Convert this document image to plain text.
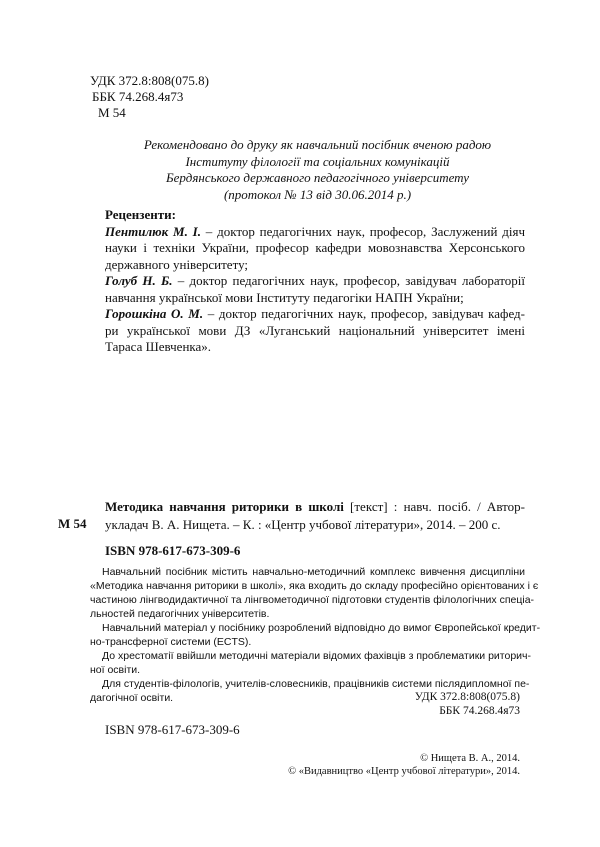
УДК 372.8:808(075.8)
ББК 74.268.4я73
М 54
Рекомендовано до друку як навчальний посібник вченою радою
Інституту філології та соціальних комунікацій
Бердянського державного педагогічного університету
(протокол № 13 від 30.06.2014 р.)
Рецензенти:
Пентилюк М. І. – доктор педагогічних наук, професор, Заслужений діяч
науки і техніки України, професор кафедри мовознавства Херсонського
державного університету;
Голуб Н. Б. – доктор педагогічних наук, професор, завідувач лабораторії
навчання української мови Інституту педагогіки НАПН України;
Горошкіна О. М. – доктор педагогічних наук, професор, завідувач кафед-
ри української мови ДЗ «Луганський національний університет імені
Тараса Шевченка».
М 54
Методика навчання риторики в школі [текст] : навч. посіб. / Автор-
укладач В. А. Нищета. – К. : «Центр учбової літератури», 2014. – 200 с.
ISBN 978-617-673-309-6
Навчальний посібник містить навчально-методичний комплекс вивчення дисципліни
«Методика навчання риторики в школі», яка входить до складу професійно орієнтованих і є
частиною лінгводидактичної та лінгвометодичної підготовки студентів філологічних спеціа-
льностей педагогічних університетів.
Навчальний матеріал у посібнику розроблений відповідно до вимог Європейської кредит-
но-трансферної системи (ECTS).
До хрестоматії ввійшли методичні матеріали відомих фахівців з проблематики риторич-
ної освіти.
Для студентів-філологів, учителів-словесників, працівників системи післядипломної пе-
дагогічної освіти.	УДК 372.8:808(075.8)
ББК 74.268.4я73
ISBN 978-617-673-309-6
© Нищета В. А., 2014.
© «Видавництво «Центр учбової літератури», 2014.
